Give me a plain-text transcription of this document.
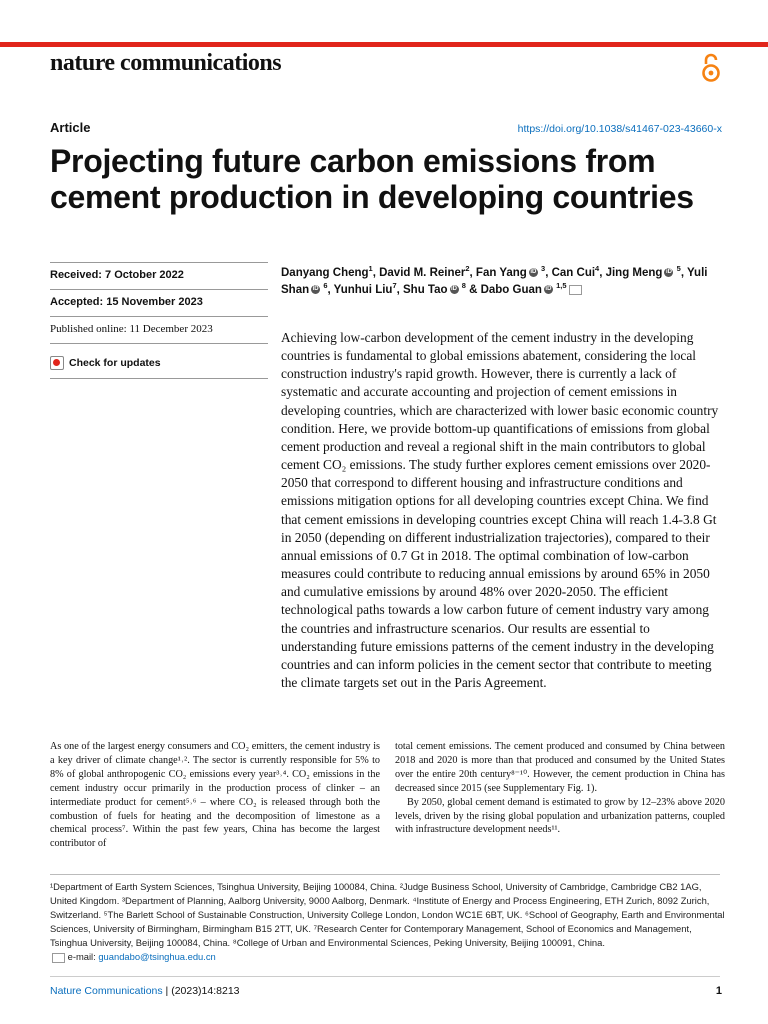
nature communications
Article	https://doi.org/10.1038/s41467-023-43660-x
Projecting future carbon emissions from cement production in developing countries
Received: 7 October 2022
Accepted: 15 November 2023
Published online: 11 December 2023
Check for updates
Danyang Cheng$^1$, David M. Reiner$^2$, Fan Yang iD $^3$, Can Cui$^4$, Jing Meng iD $^5$, Yuli Shan iD $^6$, Yunhui Liu$^7$, Shu Tao iD $^8$ & Dabo Guan iD $^{1,5}$

Achieving low-carbon development of the cement industry in the developing countries is fundamental to global emissions abatement, considering the local construction industry's rapid growth. However, there is currently a lack of systematic and accurate accounting and projection of cement emissions in developing countries, which are characterized with lower basic economic country condition. Here, we provide bottom-up quantifications of emissions from global cement production and reveal a regional shift in the main contributors to global cement CO₂ emissions. The study further explores cement emissions over 2020-2050 that correspond to different housing and infrastructure conditions and emissions mitigation options for all developing countries except China. We find that cement emissions in developing countries except China will reach 1.4-3.8 Gt in 2050 (depending on different industrialization trajectories), compared to their annual emissions of 0.7 Gt in 2018. The optimal combination of low-carbon measures could contribute to reducing annual emissions by around 65% in 2050 and cumulative emissions by around 48% over 2020-2050. The efficient technological paths towards a low carbon future of cement industry vary among the countries and infrastructure scenarios. Our results are essential to understanding future emissions patterns of the cement industry in the developing countries and can inform policies in the cement sector that contribute to meeting the climate targets set out in the Paris Agreement.

As one of the largest energy consumers and CO₂ emitters, the cement industry is a key driver of climate change¹˒². The sector is currently responsible for 5% to 8% of global anthropogenic CO₂ emissions every year³˒⁴. CO₂ emissions in the cement industry occur primarily in the production process of clinker – an intermediate product for cement⁵˒⁶ – where CO₂ is released through both the combustion of fuels for heating and the decomposition of limestone as a chemical process⁷. Within the past few years, China has become the largest contributor of

total cement emissions. The cement produced and consumed by China between 2018 and 2020 is more than that produced and consumed by the United States over the entire 20th century⁸⁻¹⁰. However, the cement production in China has decreased since 2015 (see Supplementary Fig. 1).

By 2050, global cement demand is estimated to grow by 12–23% above 2020 levels, driven by the rising global population and urbanization patterns, coupled with infrastructure development needs¹¹.

¹Department of Earth System Sciences, Tsinghua University, Beijing 100084, China. ²Judge Business School, University of Cambridge, Cambridge CB2 1AG, United Kingdom. ³Department of Planning, Aalborg University, 9000 Aalborg, Denmark. ⁴Institute of Energy and Process Engineering, ETH Zurich, 8092 Zurich, Switzerland. ⁵The Barlett School of Sustainable Construction, University College London, London WC1E 6BT, UK. ⁶School of Geography, Earth and Environmental Sciences, University of Birmingham, Birmingham B15 2TT, UK. ⁷Research Center for Contemporary Management, School of Economics and Management, Tsinghua University, Beijing 100084, China. ⁸College of Urban and Environmental Sciences, Peking University, Beijing 100091, China.
e-mail: guandabo@tsinghua.edu.cn

Nature Communications | (2023)14:8213	1
